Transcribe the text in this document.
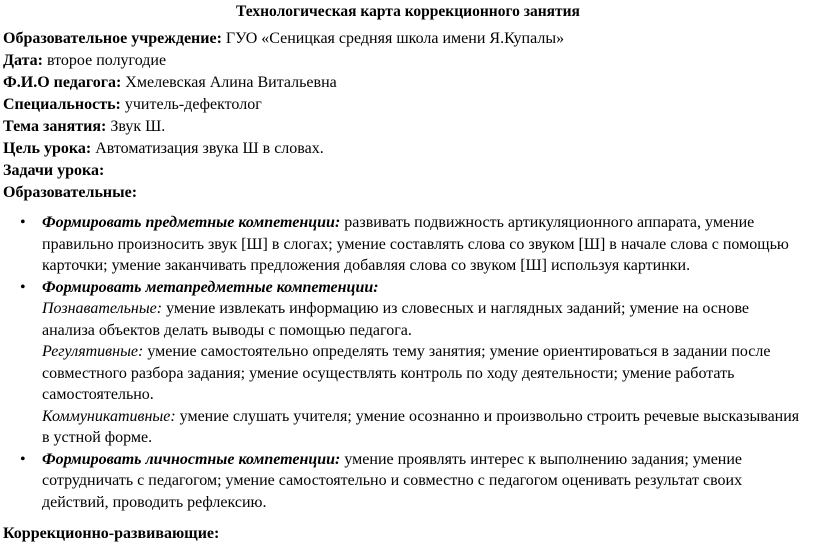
Технологическая карта коррекционного занятия
Образовательное учреждение: ГУО «Сеницкая средняя школа имени Я.Купалы»
Дата: второе полугодие
Ф.И.О педагога: Хмелевская Алина Витальевна
Специальность: учитель-дефектолог
Тема занятия: Звук Ш.
Цель урока: Автоматизация звука Ш в словах.
Задачи урока:
Образовательные:
• Формировать предметные компетенции: развивать подвижность артикуляционного аппарата, умение правильно произносить звук [Ш] в слогах; умение составлять слова со звуком [Ш] в начале слова с помощью карточки; умение заканчивать предложения добавляя слова со звуком [Ш] используя картинки.
• Формировать метапредметные компетенции:
Познавательные: умение извлекать информацию из словесных и наглядных заданий; умение на основе анализа объектов делать выводы с помощью педагога.
Регулятивные: умение самостоятельно определять тему занятия; умение ориентироваться в задании после совместного разбора задания; умение осуществлять контроль по ходу деятельности; умение работать самостоятельно.
Коммуникативные: умение слушать учителя; умение осознанно и произвольно строить речевые высказывания в устной форме.
• Формировать личностные компетенции: умение проявлять интерес к выполнению задания; умение сотрудничать с педагогом; умение самостоятельно и совместно с педагогом оценивать результат своих действий, проводить рефлексию.
Коррекционно-развивающие:
